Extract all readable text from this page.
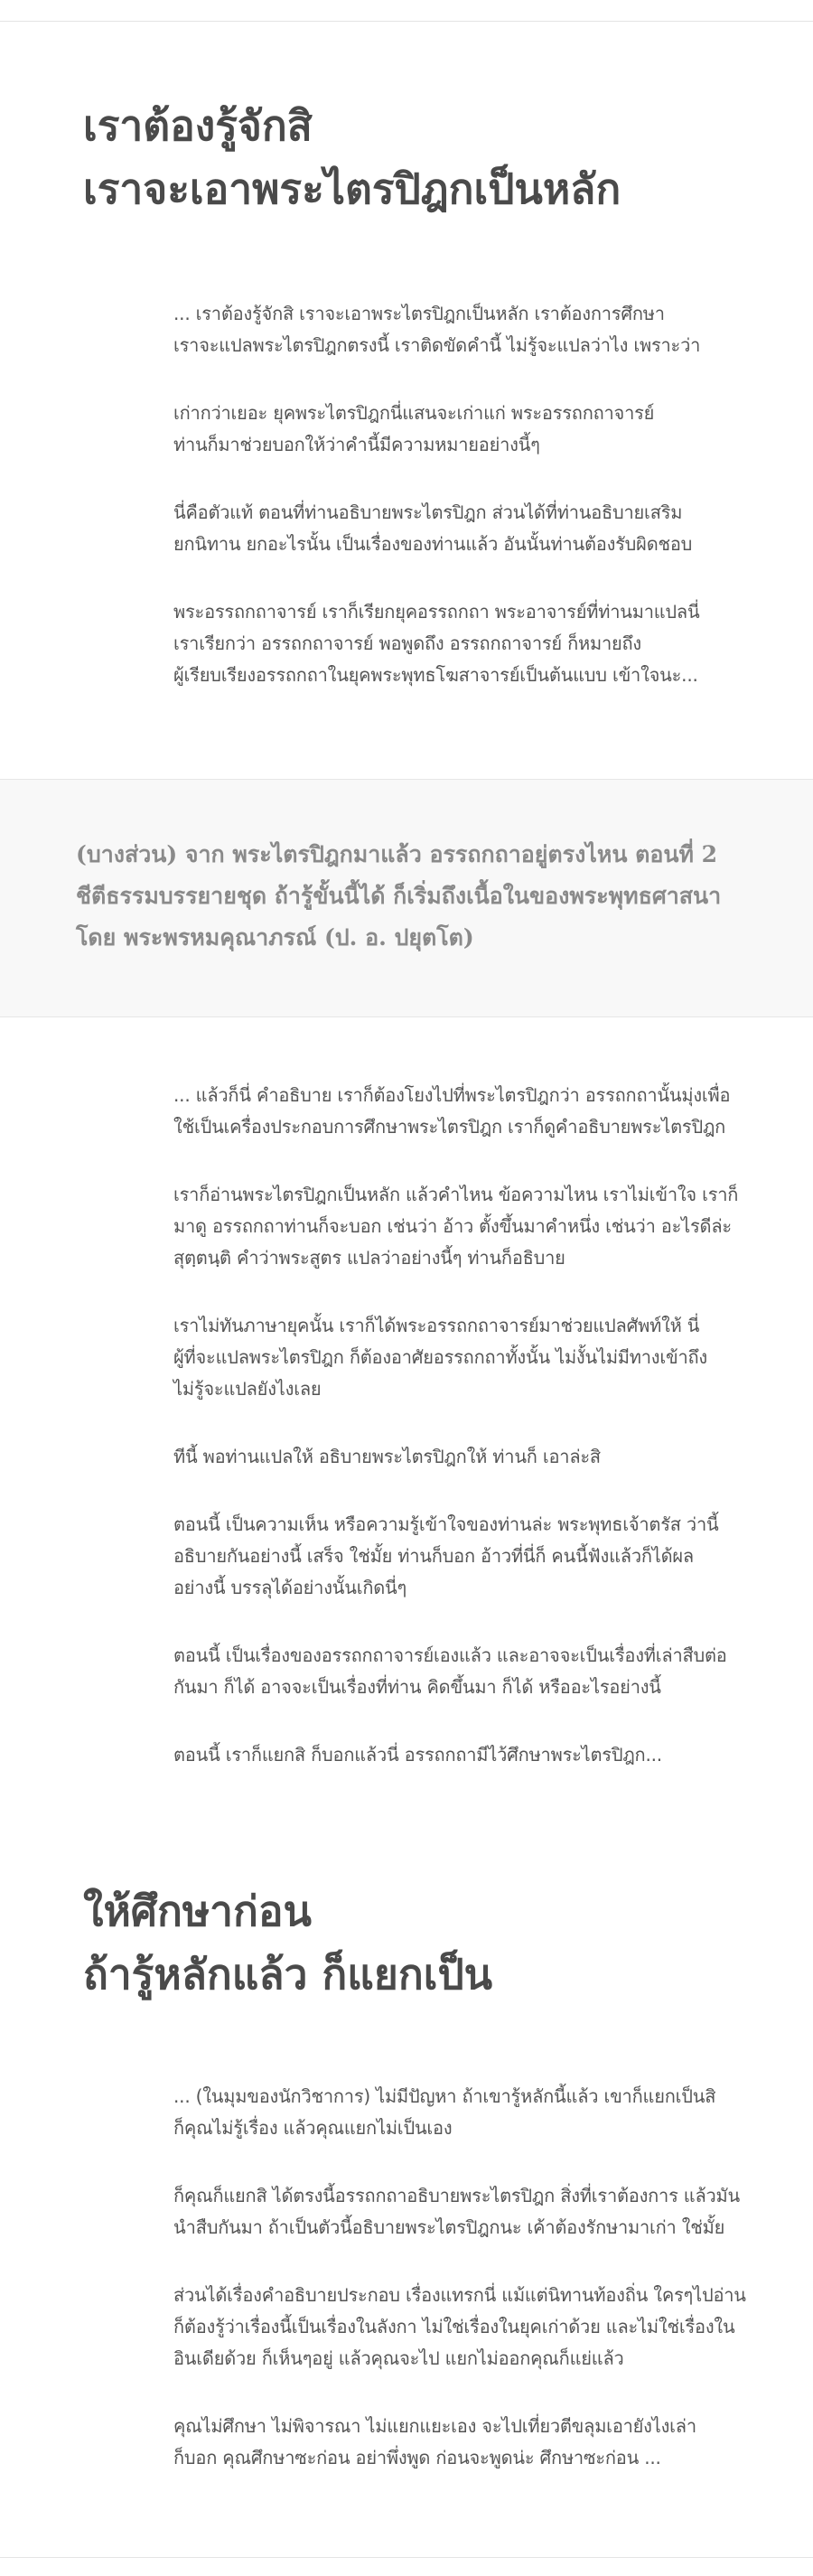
เราต้องรู้จักสิ
เราจะเอาพระไตรปิฎกเป็นหลัก

... เราต้องรู้จักสิ เราจะเอาพระไตรปิฎกเป็นหลัก เราต้องการศึกษา
เราจะแปลพระไตรปิฎกตรงนี้ เราติดขัดคำนี้ ไม่รู้จะแปลว่าไง เพราะว่า

เก่ากว่าเยอะ ยุคพระไตรปิฎกนี่แสนจะเก่าแก่ พระอรรถกถาจารย์
ท่านก็มาช่วยบอกให้ว่าคำนี้มีความหมายอย่างนี้ๆ

นี่คือตัวแท้ ตอนที่ท่านอธิบายพระไตรปิฎก ส่วนได้ที่ท่านอธิบายเสริม
ยกนิทาน ยกอะไรนั้น เป็นเรื่องของท่านแล้ว อันนั้นท่านต้องรับผิดชอบ

พระอรรถกถาจารย์ เราก็เรียกยุคอรรถกถา พระอาจารย์ที่ท่านมาแปลนี่
เราเรียกว่า อรรถกถาจารย์ พอพูดถึง อรรถกถาจารย์ ก็หมายถึง
ผู้เรียบเรียงอรรถกถาในยุคพระพุทธโฆสาจารย์เป็นต้นแบบ เข้าใจนะ...

(บางส่วน) จาก พระไตรปิฎกมาแล้ว อรรถกถาอยู่ตรงไหน ตอนที่ 2
ชีตีธรรมบรรยายชุด ถ้ารู้ขั้นนี้ได้ ก็เริ่มถึงเนื้อในของพระพุทธศาสนา
โดย พระพรหมคุณาภรณ์ (ป. อ. ปยุตโต)

... แล้วก็นี่ คำอธิบาย เราก็ต้องโยงไปที่พระไตรปิฎกว่า อรรถกถานั้นมุ่งเพื่อ
ใช้เป็นเครื่องประกอบการศึกษาพระไตรปิฎก เราก็ดูคำอธิบายพระไตรปิฎก

เราก็อ่านพระไตรปิฎกเป็นหลัก แล้วคำไหน ข้อความไหน เราไม่เข้าใจ เราก็
มาดู อรรถกถาท่านก็จะบอก เช่นว่า อ้าว ตั้งขึ้นมาคำหนึ่ง เช่นว่า อะไรดีล่ะ
สุตฺตนฺติ คำว่าพระสูตร แปลว่าอย่างนี้ๆ ท่านก็อธิบาย

เราไม่ทันภาษายุคนั้น เราก็ได้พระอรรถกถาจารย์มาช่วยแปลศัพท์ให้ นี่
ผู้ที่จะแปลพระไตรปิฎก ก็ต้องอาศัยอรรถกถาทั้งนั้น ไม่งั้นไม่มีทางเข้าถึง
ไม่รู้จะแปลยังไงเลย

ทีนี้ พอท่านแปลให้ อธิบายพระไตรปิฎกให้ ท่านก็ เอาล่ะสิ

ตอนนี้ เป็นความเห็น หรือความรู้เข้าใจของท่านล่ะ พระพุทธเจ้าตรัส ว่านี้
อธิบายกันอย่างนี้ เสร็จ ใช่มั้ย ท่านก็บอก อ้าวที่นี่ก็ คนนี้ฟังแล้วก็ได้ผล
อย่างนี้ บรรลุได้อย่างนั้นเกิดนี่ๆ

ตอนนี้ เป็นเรื่องของอรรถกถาจารย์เองแล้ว และอาจจะเป็นเรื่องที่เล่าสืบต่อ
กันมา ก็ได้ อาจจะเป็นเรื่องที่ท่าน คิดขึ้นมา ก็ได้ หรืออะไรอย่างนี้

ตอนนี้ เราก็แยกสิ ก็บอกแล้วนี่ อรรถกถามีไว้ศึกษาพระไตรปิฎก...

ให้ศึกษาก่อน
ถ้ารู้หลักแล้ว ก็แยกเป็น

... (ในมุมของนักวิชาการ) ไม่มีปัญหา ถ้าเขารู้หลักนี้แล้ว เขาก็แยกเป็นสิ
ก็คุณไม่รู้เรื่อง แล้วคุณแยกไม่เป็นเอง

ก็คุณก็แยกสิ ได้ตรงนี้อรรถกถาอธิบายพระไตรปิฎก สิ่งที่เราต้องการ แล้วมัน
นำสืบกันมา ถ้าเป็นตัวนี้อธิบายพระไตรปิฎกนะ เค้าต้องรักษามาเก่า ใช่มั้ย

ส่วนได้เรื่องคำอธิบายประกอบ เรื่องแทรกนี่ แม้แต่นิทานท้องถิ่น ใครๆไปอ่าน
ก็ต้องรู้ว่าเรื่องนี้เป็นเรื่องในลังกา ไม่ใช่เรื่องในยุคเก่าด้วย และไม่ใช่เรื่องใน
อินเดียด้วย ก็เห็นๆอยู่ แล้วคุณจะไป แยกไม่ออกคุณก็แย่แล้ว

คุณไม่ศึกษา ไม่พิจารณา ไม่แยกแยะเอง จะไปเที่ยวตีขลุมเอายังไงเล่า
ก็บอก คุณศึกษาซะก่อน อย่าพึ่งพูด ก่อนจะพูดน่ะ ศึกษาซะก่อน ...
